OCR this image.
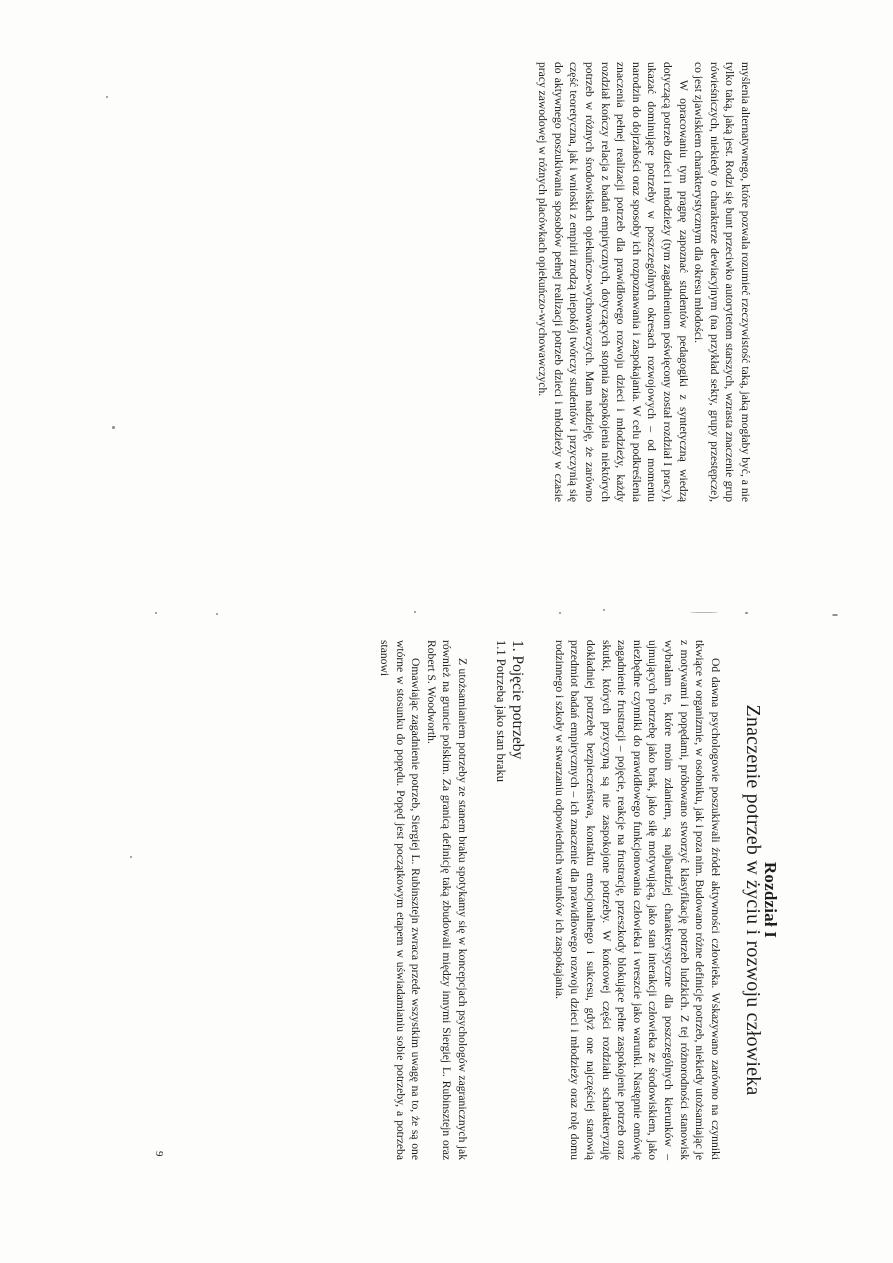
myślenia alternatywnego, które pozwala rozumieć rzeczywistość taką, jaką mogłaby być, a nie tylko taką, jaką jest. Rodzi się bunt przeciwko autorytetom starszych, wzrasta znaczenie grup rówieśniczych, niekiedy o charakterze dewiacyjnym (na przykład sekty, grupy przestępcze), co jest zjawiskiem charakterystycznym dla okresu młodości.

W opracowaniu tym pragnę zapoznać studentów pedagogiki z syntetyczną wiedzą dotyczącą potrzeb dzieci i młodzieży (tym zagadnieniom poświęcony został rozdział I pracy), ukazać dominujące potrzeby w poszczególnych okresach rozwojowych – od momentu narodzin do dojrzałości oraz sposoby ich rozpoznawania i zaspokajania. W celu podkreślenia znaczenia pełnej realizacji potrzeb dla prawidłowego rozwoju dzieci i młodzieży, każdy rozdział kończy relacja z badań empirycznych, dotyczących stopnia zaspokojenia niektórych potrzeb w różnych środowiskach opiekuńczo-wychowawczych. Mam nadzieję, że zarówno część teoretyczna, jak i wnioski z empirii zrodzą niepokój twórczy studentów i przyczynią się do aktywnego poszukiwania sposobów pełnej realizacji potrzeb dzieci i młodzieży w czasie pracy zawodowej w różnych placówkach opiekuńczo-wychowawczych.

Rozdział I
Znaczenie potrzeb w życiu i rozwoju człowieka

Od dawna psychologowie poszukiwali źródeł aktywności człowieka. Wskazywano zarówno na czynniki tkwiące w organizmie, w osobniku, jak i poza nim. Budowano różne definicje potrzeb, niekiedy utożsamiając je z motywami i popędami, próbowano stworzyć klasyfikację potrzeb ludzkich. Z tej różnorodności stanowisk wybrałam te, które moim zdaniem, są najbardziej charakterystyczne dla poszczególnych kierunków – ujmujących potrzebę jako brak, jako siłę motywującą, jako stan interakcji człowieka ze środowiskiem, jako niezbędne czynniki do prawidłowego funkcjonowania człowieka i wreszcie jako warunki. Następnie omówię zagadnienie frustracji – pojęcie, reakcje na frustrację, przeszkody blokujące pełne zaspokojenie potrzeb oraz skutki, których przyczyną są nie zaspokojone potrzeby. W końcowej części rozdziału scharakteryzuję dokładniej potrzebę bezpieczeństwa, kontaktu emocjonalnego i sukcesu, gdyż one najczęściej stanowią przedmiot badań empirycznych – ich znaczenie dla prawidłowego rozwoju dzieci i młodzieży oraz rolę domu rodzinnego i szkoły w stwarzaniu odpowiednich warunków ich zaspokajania.

1. Pojęcie potrzeby
1.1 Potrzeba jako stan braku

Z utożsamianiem potrzeby ze stanem braku spotykamy się w koncepcjach psychologów zagranicznych jak również na gruncie polskim. Za granicą definicję taką zbudowali między innymi Siergiej L. Rubinsztejn oraz Robert S. Woodworth.

Omawiając zagadnienie potrzeb, Siergiej L. Rubinsztejn zwraca przede wszystkim uwagę na to, że są one wtórne w stosunku do popędu. Popęd jest początkowym etapem w uświadamianiu sobie potrzeby, a potrzeba stanowi

9
